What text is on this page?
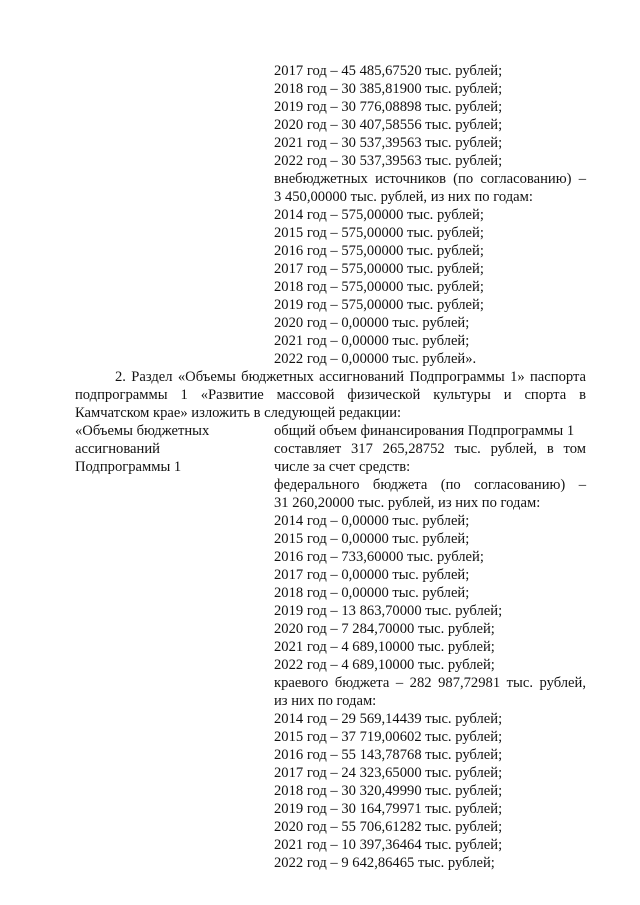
2017 год – 45 485,67520 тыс. рублей;
2018 год – 30 385,81900 тыс. рублей;
2019 год – 30 776,08898 тыс. рублей;
2020 год – 30 407,58556 тыс. рублей;
2021 год – 30 537,39563 тыс. рублей;
2022 год – 30 537,39563 тыс. рублей;
внебюджетных источников (по согласованию) –
3 450,00000 тыс. рублей, из них по годам:
2014 год – 575,00000 тыс. рублей;
2015 год – 575,00000 тыс. рублей;
2016 год – 575,00000 тыс. рублей;
2017 год – 575,00000 тыс. рублей;
2018 год – 575,00000 тыс. рублей;
2019 год – 575,00000 тыс. рублей;
2020 год – 0,00000 тыс. рублей;
2021 год – 0,00000 тыс. рублей;
2022 год – 0,00000 тыс. рублей».
2. Раздел «Объемы бюджетных ассигнований Подпрограммы 1» паспорта
подпрограммы 1 «Развитие массовой физической культуры и спорта в
Камчатском крае» изложить в следующей редакции:
«Объемы бюджетных
ассигнований
Подпрограммы 1
общий объем финансирования Подпрограммы 1
составляет 317 265,28752 тыс. рублей, в том
числе за счет средств:
федерального бюджета (по согласованию) –
31 260,20000 тыс. рублей, из них по годам:
2014 год – 0,00000 тыс. рублей;
2015 год – 0,00000 тыс. рублей;
2016 год – 733,60000 тыс. рублей;
2017 год – 0,00000 тыс. рублей;
2018 год – 0,00000 тыс. рублей;
2019 год – 13 863,70000 тыс. рублей;
2020 год – 7 284,70000 тыс. рублей;
2021 год – 4 689,10000 тыс. рублей;
2022 год – 4 689,10000 тыс. рублей;
краевого бюджета – 282 987,72981 тыс. рублей,
из них по годам:
2014 год – 29 569,14439 тыс. рублей;
2015 год – 37 719,00602 тыс. рублей;
2016 год – 55 143,78768 тыс. рублей;
2017 год – 24 323,65000 тыс. рублей;
2018 год – 30 320,49990 тыс. рублей;
2019 год – 30 164,79971 тыс. рублей;
2020 год – 55 706,61282 тыс. рублей;
2021 год – 10 397,36464 тыс. рублей;
2022 год – 9 642,86465 тыс. рублей;
